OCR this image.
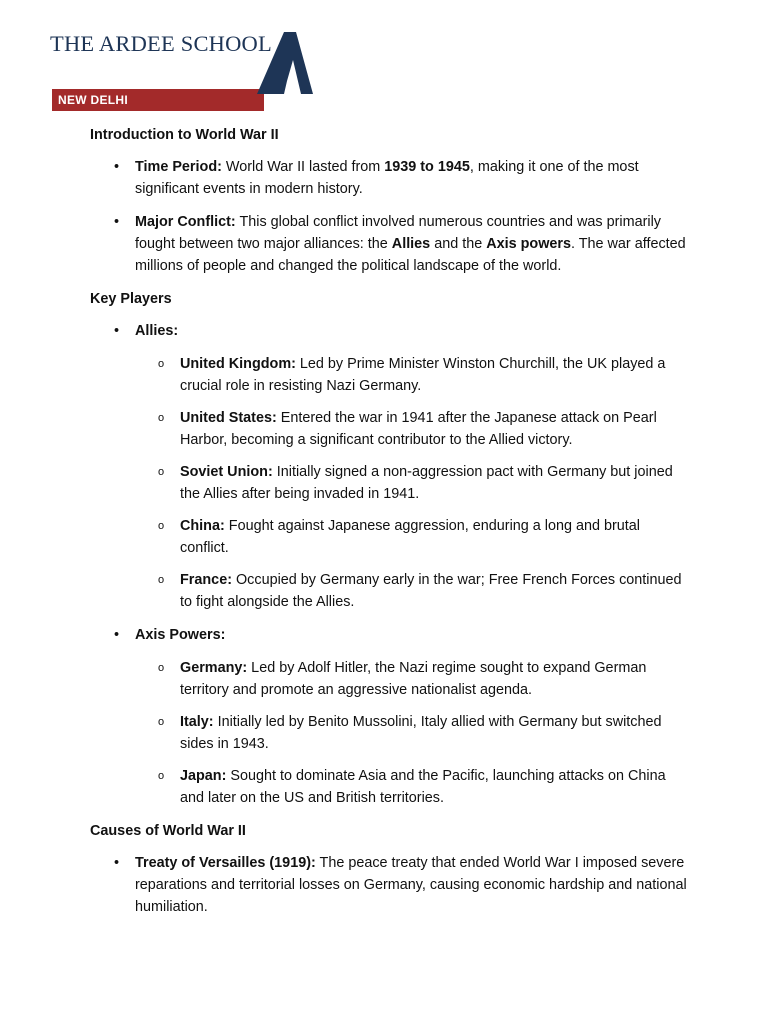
THE ARDEE SCHOOL
NEW DELHI
Introduction to World War II
• Time Period: World War II lasted from 1939 to 1945, making it one of the most significant events in modern history.
• Major Conflict: This global conflict involved numerous countries and was primarily fought between two major alliances: the Allies and the Axis powers. The war affected millions of people and changed the political landscape of the world.
Key Players
• Allies:
o United Kingdom: Led by Prime Minister Winston Churchill, the UK played a crucial role in resisting Nazi Germany.
o United States: Entered the war in 1941 after the Japanese attack on Pearl Harbor, becoming a significant contributor to the Allied victory.
o Soviet Union: Initially signed a non-aggression pact with Germany but joined the Allies after being invaded in 1941.
o China: Fought against Japanese aggression, enduring a long and brutal conflict.
o France: Occupied by Germany early in the war; Free French Forces continued to fight alongside the Allies.
• Axis Powers:
o Germany: Led by Adolf Hitler, the Nazi regime sought to expand German territory and promote an aggressive nationalist agenda.
o Italy: Initially led by Benito Mussolini, Italy allied with Germany but switched sides in 1943.
o Japan: Sought to dominate Asia and the Pacific, launching attacks on China and later on the US and British territories.
Causes of World War II
• Treaty of Versailles (1919): The peace treaty that ended World War I imposed severe reparations and territorial losses on Germany, causing economic hardship and national humiliation.
